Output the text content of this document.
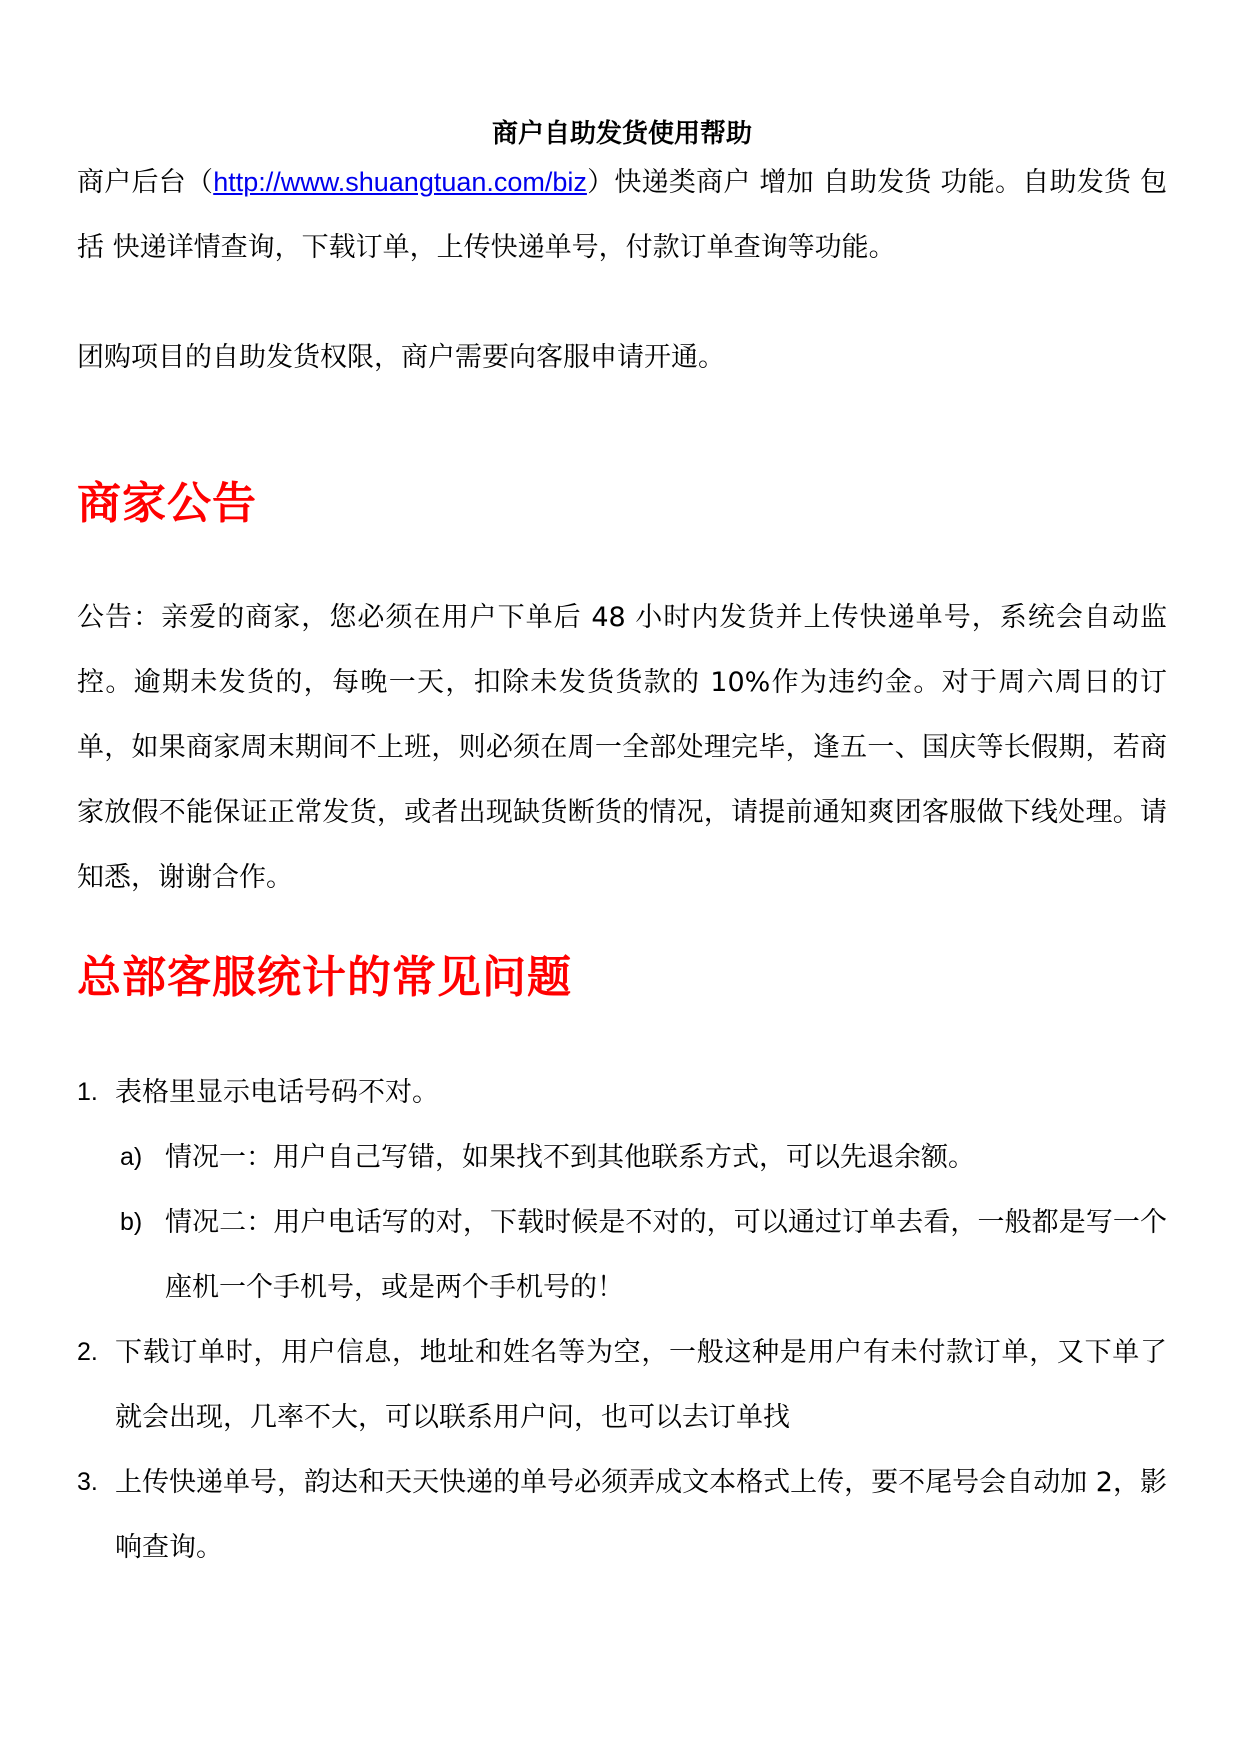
商户自助发货使用帮助

商户后台（http://www.shuangtuan.com/biz）快递类商户 增加 自助发货 功能。自助发货 包括 快递详情查询，下载订单，上传快递单号，付款订单查询等功能。

团购项目的自助发货权限，商户需要向客服申请开通。

商家公告

公告：亲爱的商家，您必须在用户下单后 48 小时内发货并上传快递单号，系统会自动监控。逾期未发货的，每晚一天，扣除未发货货款的 10%作为违约金。对于周六周日的订单，如果商家周末期间不上班，则必须在周一全部处理完毕，逢五一、国庆等长假期，若商家放假不能保证正常发货，或者出现缺货断货的情况，请提前通知爽团客服做下线处理。请知悉，谢谢合作。

总部客服统计的常见问题
1. 表格里显示电话号码不对。

a) 情况一：用户自己写错，如果找不到其他联系方式，可以先退余额。

b) 情况二：用户电话写的对，下载时候是不对的，可以通过订单去看，一般都是写一个座机一个手机号，或是两个手机号的！

2. 下载订单时，用户信息，地址和姓名等为空，一般这种是用户有未付款订单，又下单了就会出现，几率不大，可以联系用户问，也可以去订单找

3. 上传快递单号，韵达和天天快递的单号必须弄成文本格式上传，要不尾号会自动加 2，影响查询。
